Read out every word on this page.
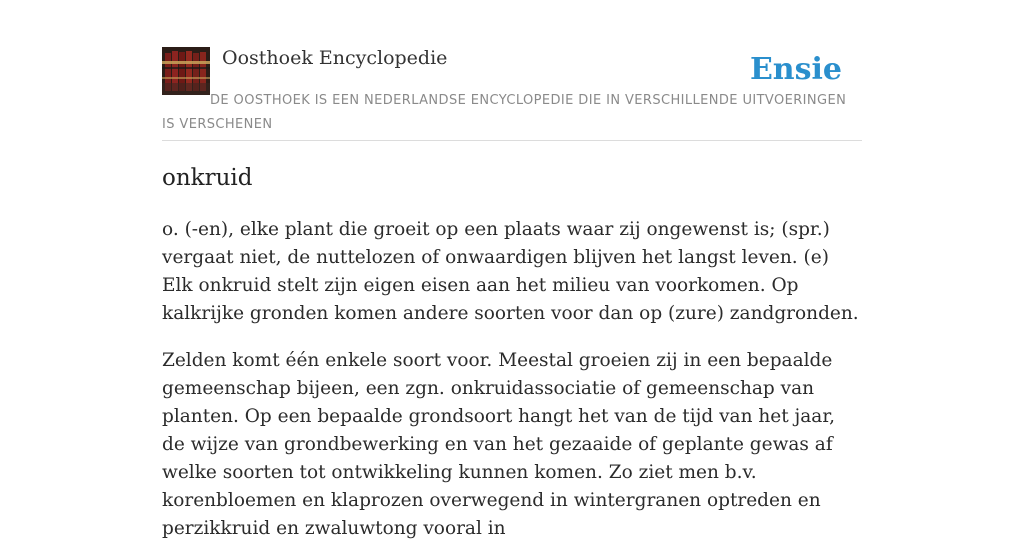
Oosthoek Encyclopedie	Ensie
DE OOSTHOEK IS EEN NEDERLANDSE ENCYCLOPEDIE DIE IN VERSCHILLENDE UITVOERINGEN IS VERSCHENEN
onkruid

o. (-en), elke plant die groeit op een plaats waar zij ongewenst is; (spr.) vergaat niet, de nuttelozen of onwaardigen blijven het langst leven. (e) Elk onkruid stelt zijn eigen eisen aan het milieu van voorkomen. Op kalkrijke gronden komen andere soorten voor dan op (zure) zandgronden.

Zelden komt één enkele soort voor. Meestal groeien zij in een bepaalde gemeenschap bijeen, een zgn. onkruidassociatie of gemeenschap van planten. Op een bepaalde grondsoort hangt het van de tijd van het jaar, de wijze van grondbewerking en van het gezaaide of geplante gewas af welke soorten tot ontwikkeling kunnen komen. Zo ziet men b.v. korenbloemen en klaprozen overwegend in wintergranen optreden en perzikkruid en zwaluwtong vooral in
